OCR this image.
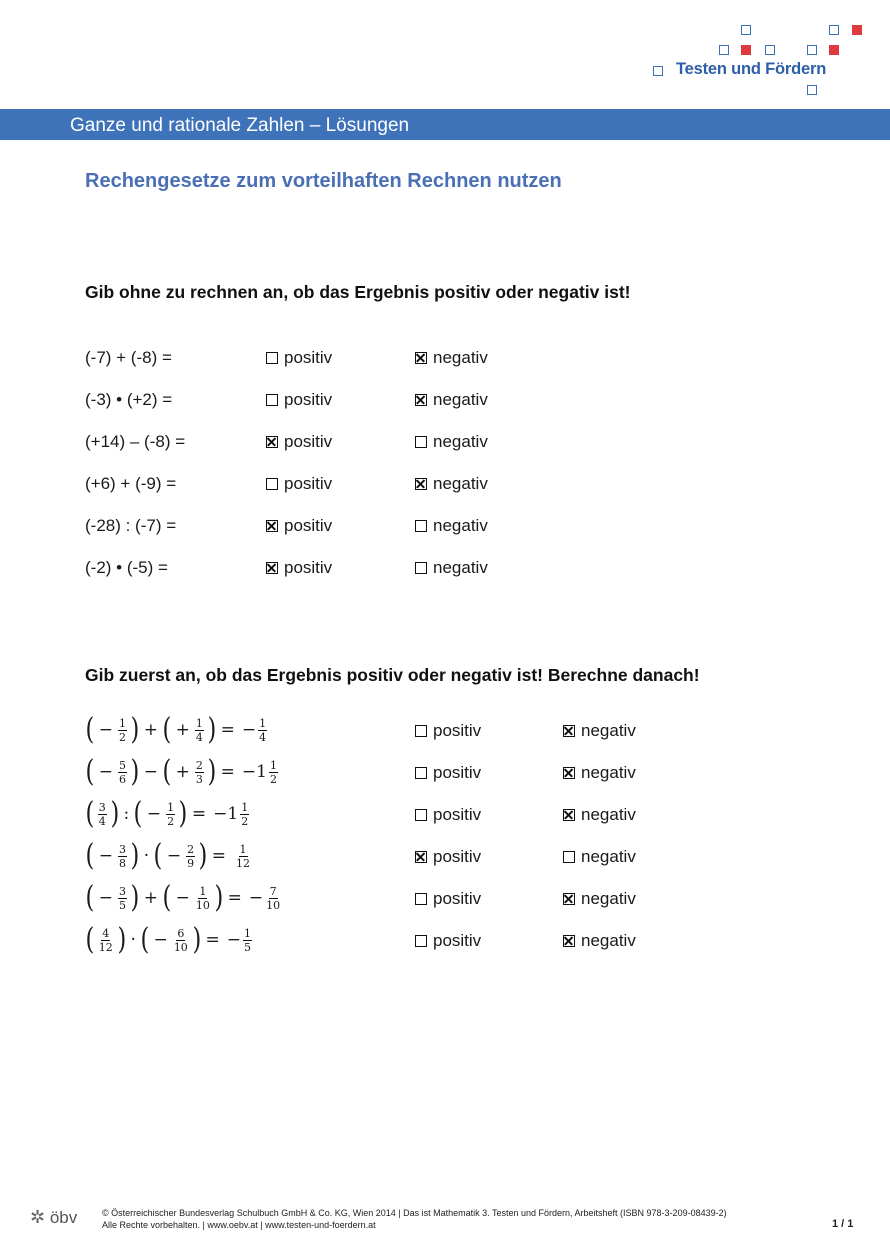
Testen und Fördern
Ganze und rationale Zahlen – Lösungen
Rechengesetze zum vorteilhaften Rechnen nutzen
Gib ohne zu rechnen an, ob das Ergebnis positiv oder negativ ist!
(-7) + (-8) =	positiv	negativ
(-3) • (+2) =	positiv	negativ
(+14) – (-8) =	positiv	negativ
(+6) + (-9) =	positiv	negativ
(-28) : (-7) =	positiv	negativ
(-2) • (-5) =	positiv	negativ
Gib zuerst an, ob das Ergebnis positiv oder negativ ist! Berechne danach!
( − $\frac{1}{2}$ ) + ( + $\frac{1}{4}$ ) = − $\frac{1}{4}$	positiv	negativ
( − $\frac{5}{6}$ ) − ( + $\frac{2}{3}$ ) = − $1 \frac{1}{2}$	positiv	negativ
( $\frac{3}{4}$ ) : ( − $\frac{1}{2}$ ) = − $1 \frac{1}{2}$	positiv	negativ
( − $\frac{3}{8}$ ) · ( − $\frac{2}{9}$ ) = $\frac{1}{12}$	positiv	negativ
( − $\frac{3}{5}$ ) + ( − $\frac{1}{10}$ ) = − $\frac{7}{10}$	positiv	negativ
( $\frac{4}{12}$ ) · ( − $\frac{6}{10}$ ) = − $\frac{1}{5}$	positiv	negativ
✲ öbv	© Österreichischer Bundesverlag Schulbuch GmbH & Co. KG, Wien 2014 | Das ist Mathematik 3. Testen und Fördern, Arbeitsheft (ISBN 978-3-209-08439-2)
Alle Rechte vorbehalten. | www.oebv.at | www.testen-und-foerdern.at	1 / 1
